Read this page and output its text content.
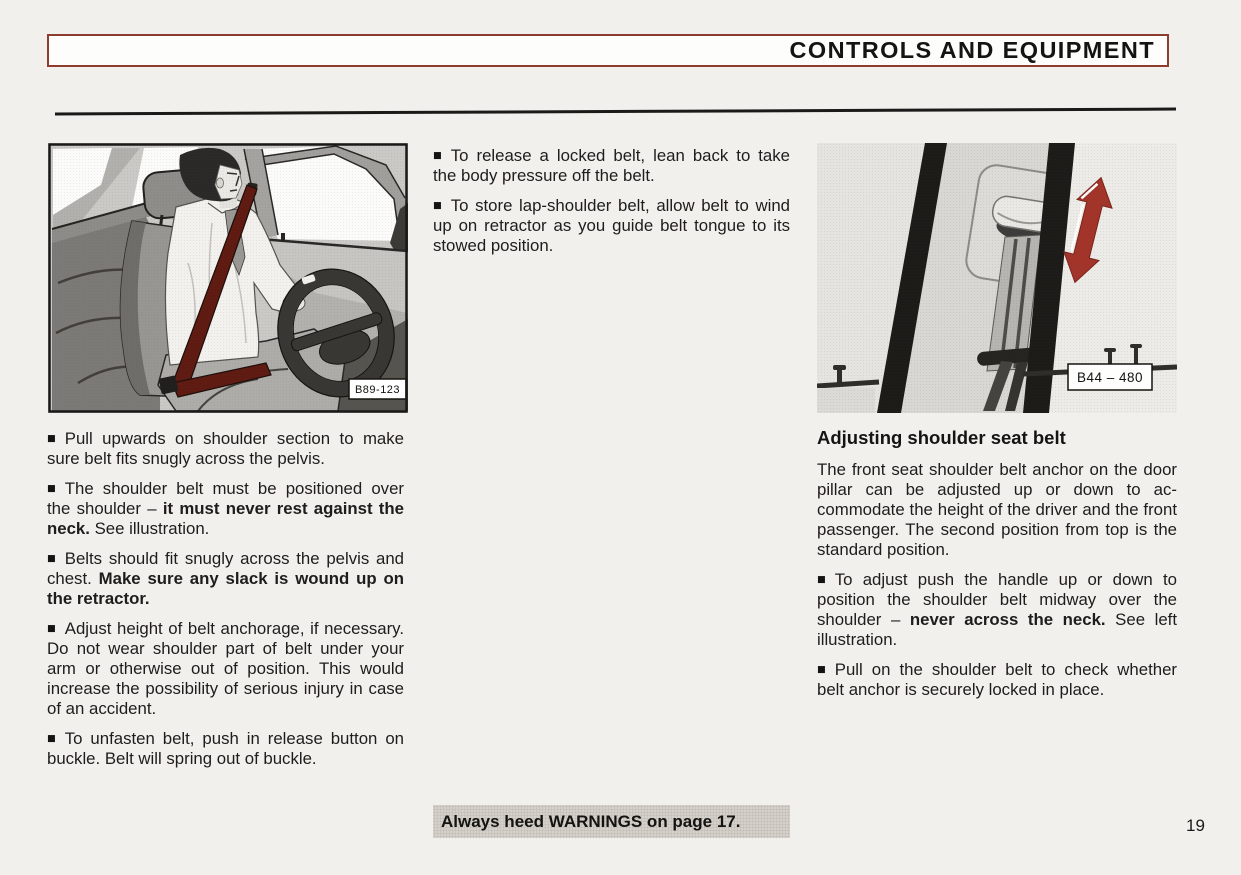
CONTROLS AND EQUIPMENT
B89-123

■ To release a locked belt, lean back to take the body pressure off the belt.

■ To store lap-shoulder belt, allow belt to wind up on retractor as you guide belt tongue to its stowed position.

B44 – 480

■ Pull upwards on shoulder section to make sure belt fits snugly across the pelvis.

■ The shoulder belt must be positioned over the shoulder – it must never rest against the neck. See illustration.

■ Belts should fit snugly across the pelvis and chest. Make sure any slack is wound up on the retractor.

■ Adjust height of belt anchorage, if necessary. Do not wear shoulder part of belt under your arm or otherwise out of position. This would increase the possibility of serious injury in case of an accident.

■ To unfasten belt, push in release button on buckle. Belt will spring out of buckle.

Adjusting shoulder seat belt

The front seat shoulder belt anchor on the door pillar can be adjusted up or down to accommodate the height of the driver and the front passenger. The second position from top is the standard position.

■ To adjust push the handle up or down to position the shoulder belt midway over the shoulder – never across the neck. See left illustration.

■ Pull on the shoulder belt to check whether belt anchor is securely locked in place.

Always heed WARNINGS on page 17.	19
